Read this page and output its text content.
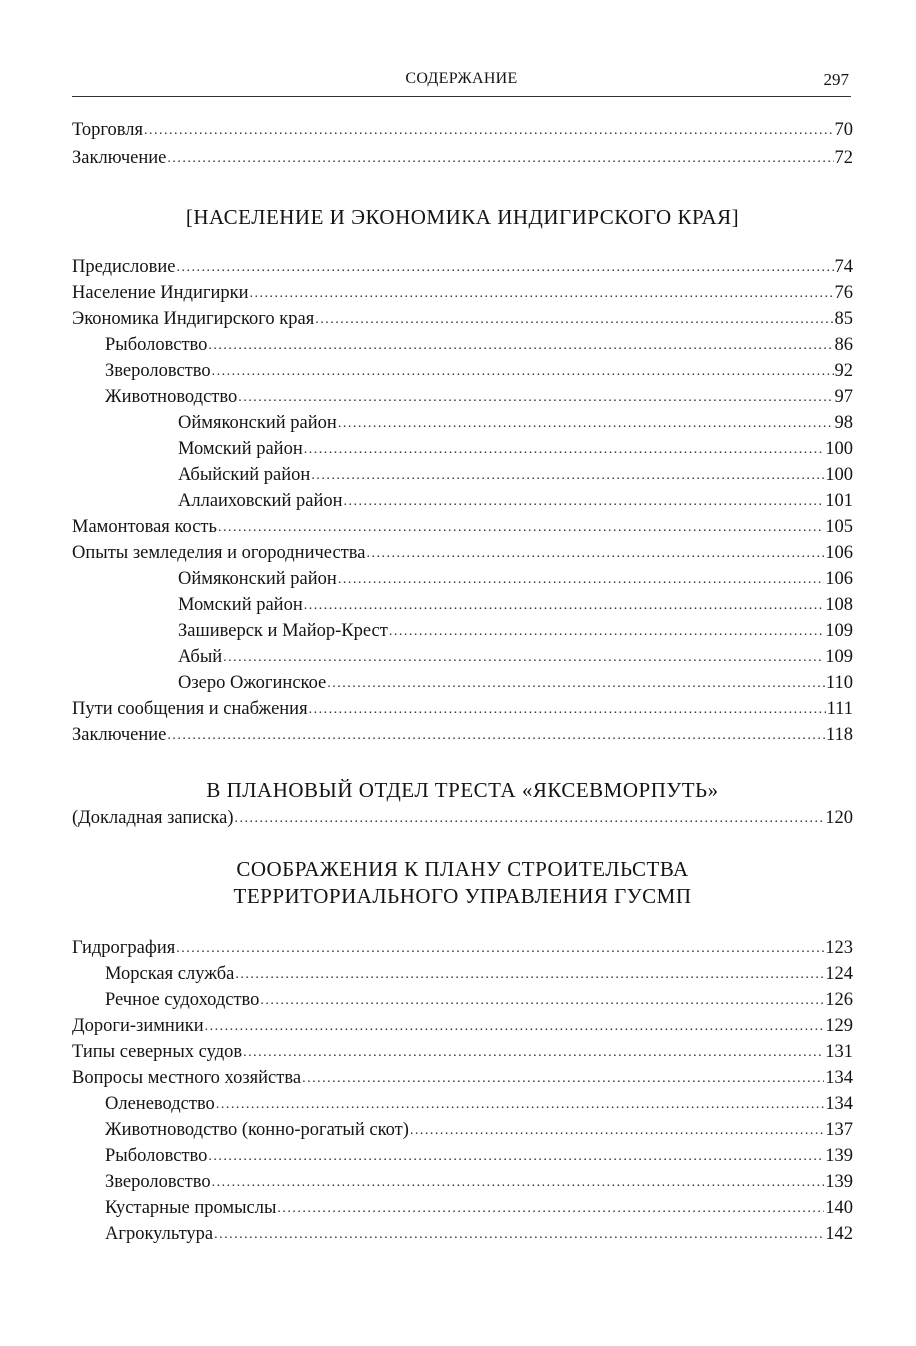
СОДЕРЖАНИЕ	297
Торговля .....	70
Заключение .....	72
[НАСЕЛЕНИЕ И ЭКОНОМИКА ИНДИГИРСКОГО КРАЯ]
Предисловие .....	74
Население Индигирки .....	76
Экономика Индигирского края .....	85
Рыболовство .....	86
Звероловство .....	92
Животноводство .....	97
Оймяконский район .....	98
Момский район .....	100
Абыйский район .....	100
Аллаиховский район .....	101
Мамонтовая кость .....	105
Опыты земледелия и огородничества .....	106
Оймяконский район .....	106
Момский район .....	108
Зашиверск и Майор-Крест .....	109
Абый .....	109
Озеро Ожогинское .....	110
Пути сообщения и снабжения .....	111
Заключение .....	118
В ПЛАНОВЫЙ ОТДЕЛ ТРЕСТА «ЯКСЕВМОРПУТЬ»
(Докладная записка) .....	120
СООБРАЖЕНИЯ К ПЛАНУ СТРОИТЕЛЬСТВА
ТЕРРИТОРИАЛЬНОГО УПРАВЛЕНИЯ ГУСМП
Гидрография .....	123
Морская служба .....	124
Речное судоходство .....	126
Дороги-зимники .....	129
Типы северных судов .....	131
Вопросы местного хозяйства .....	134
Оленеводство .....	134
Животноводство (конно-рогатый скот) .....	137
Рыболовство .....	139
Звероловство .....	139
Кустарные промыслы .....	140
Агрокультура .....	142
